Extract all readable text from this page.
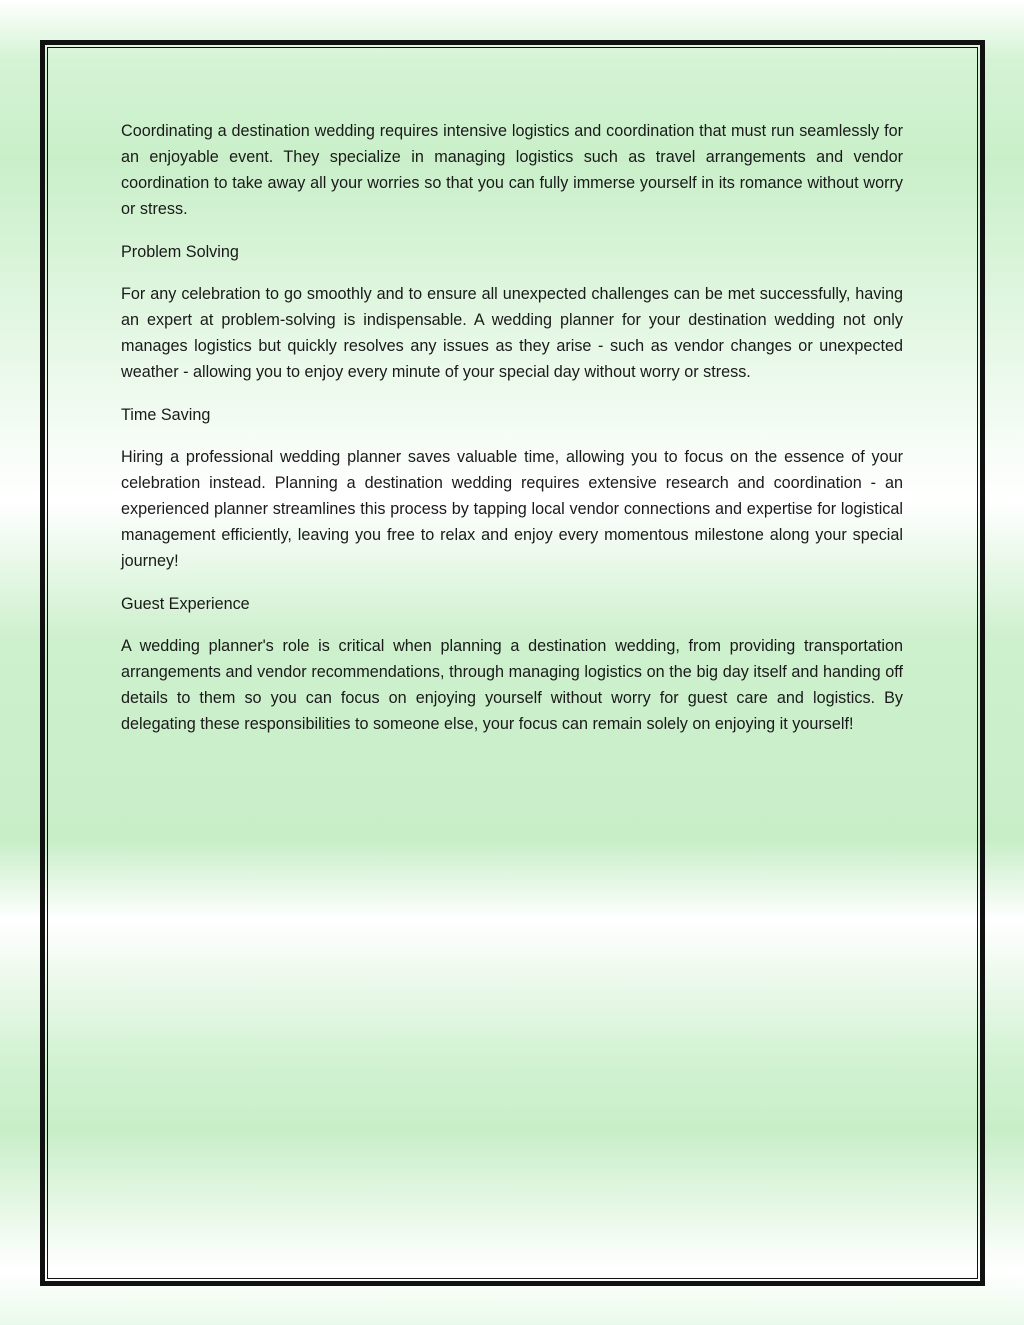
Coordinating a destination wedding requires intensive logistics and coordination that must run seamlessly for an enjoyable event. They specialize in managing logistics such as travel arrangements and vendor coordination to take away all your worries so that you can fully immerse yourself in its romance without worry or stress.

Problem Solving

For any celebration to go smoothly and to ensure all unexpected challenges can be met successfully, having an expert at problem-solving is indispensable. A wedding planner for your destination wedding not only manages logistics but quickly resolves any issues as they arise - such as vendor changes or unexpected weather - allowing you to enjoy every minute of your special day without worry or stress.

Time Saving

Hiring a professional wedding planner saves valuable time, allowing you to focus on the essence of your celebration instead. Planning a destination wedding requires extensive research and coordination - an experienced planner streamlines this process by tapping local vendor connections and expertise for logistical management efficiently, leaving you free to relax and enjoy every momentous milestone along your special journey!

Guest Experience

A wedding planner's role is critical when planning a destination wedding, from providing transportation arrangements and vendor recommendations, through managing logistics on the big day itself and handing off details to them so you can focus on enjoying yourself without worry for guest care and logistics. By delegating these responsibilities to someone else, your focus can remain solely on enjoying it yourself!
